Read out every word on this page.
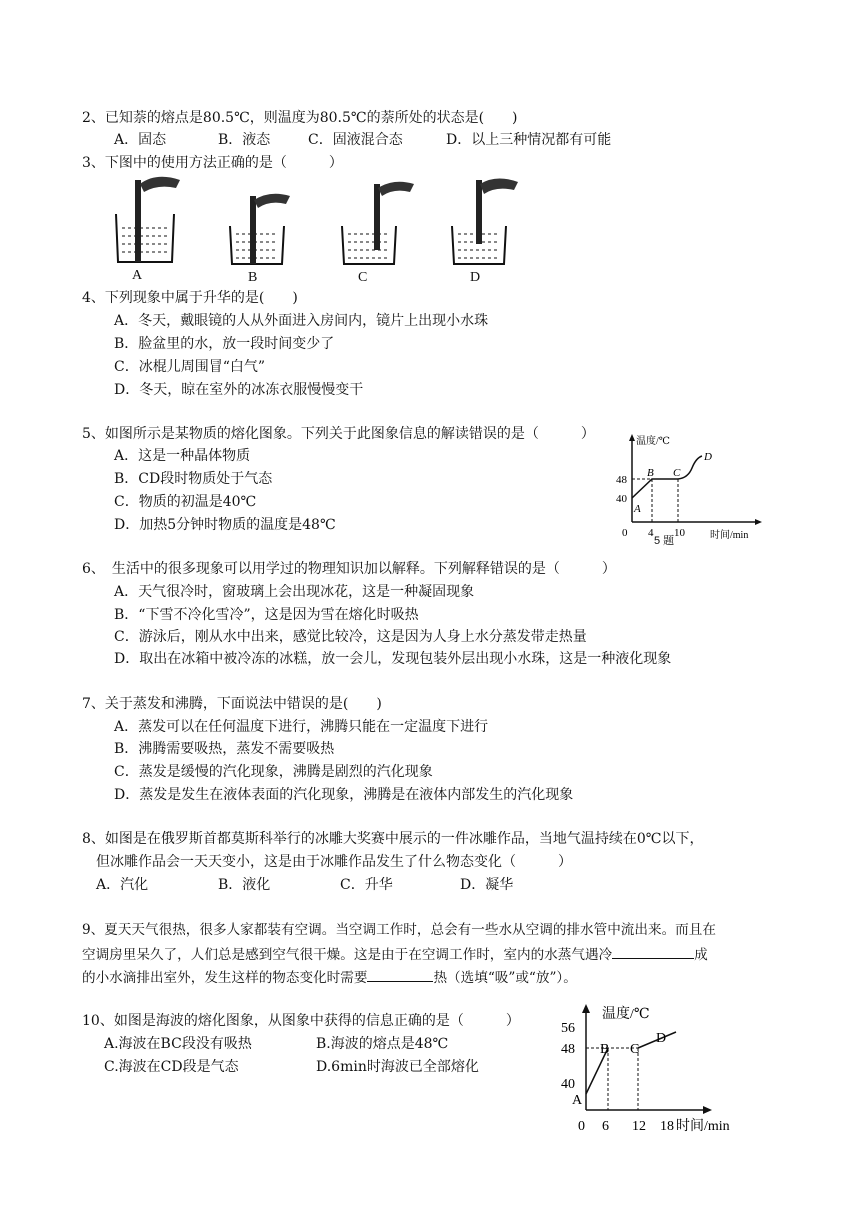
2、已知萘的熔点是80.5℃，则温度为80.5℃的萘所处的状态是(　　)
A．固态	B．液态	C．固液混合态	D．以上三种情况都有可能
3、下图中的使用方法正确的是（　　　）
A	B	C	D
4、下列现象中属于升华的是(　　)
A．冬天，戴眼镜的人从外面进入房间内，镜片上出现小水珠
B．脸盆里的水，放一段时间变少了
C．冰棍儿周围冒“白气”
D．冬天，晾在室外的冰冻衣服慢慢变干
5、如图所示是某物质的熔化图象。下列关于此图象信息的解读错误的是（　　　）
A．这是一种晶体物质
B．CD段时物质处于气态
C．物质的初温是40℃
D．加热5分钟时物质的温度是48℃
温度/℃
时间/min
48
40
0 4 10
A
B C
D
5 题
6、　生活中的很多现象可以用学过的物理知识加以解释。下列解释错误的是（　　　）
A．天气很冷时，窗玻璃上会出现冰花，这是一种凝固现象
B．“下雪不冷化雪冷”，这是因为雪在熔化时吸热
C．游泳后，刚从水中出来，感觉比较冷，这是因为人身上水分蒸发带走热量
D．取出在冰箱中被冷冻的冰糕，放一会儿，发现包装外层出现小水珠，这是一种液化现象
7、关于蒸发和沸腾，下面说法中错误的是(　　)
A．蒸发可以在任何温度下进行，沸腾只能在一定温度下进行
B．沸腾需要吸热，蒸发不需要吸热
C．蒸发是缓慢的汽化现象，沸腾是剧烈的汽化现象
D．蒸发是发生在液体表面的汽化现象，沸腾是在液体内部发生的汽化现象
8、如图是在俄罗斯首都莫斯科举行的冰雕大奖赛中展示的一件冰雕作品，当地气温持续在0℃以下，
但冰雕作品会一天天变小，这是由于冰雕作品发生了什么物态变化（　　　）
A．汽化	B．液化	C．升华	D．凝华
9、夏天天气很热，很多人家都装有空调。当空调工作时，总会有一些水从空调的排水管中流出来。而且在
空调房里呆久了，人们总是感到空气很干燥。这是由于在空调工作时，室内的水蒸气遇冷	成
的小水滴排出室外，发生这样的物态变化时需要	热（选填“吸”或“放”）。
10、如图是海波的熔化图象，从图象中获得的信息正确的是（　　　）
A.海波在BC段没有吸热	B.海波的熔点是48℃
C.海波在CD段是气态	D.6min时海波已全部熔化
温度/℃
56
48
40
0 6 12 18 时间/min
A
B C
D
